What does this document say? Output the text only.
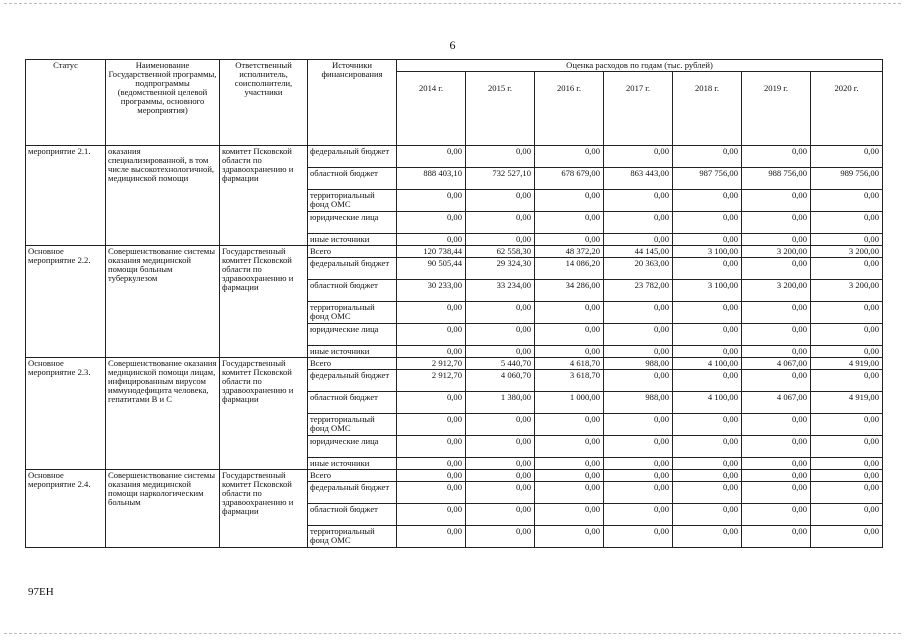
6
Статус	Наименование Государственной программы, подпрограммы (ведомственной целевой программы, основного мероприятия)	Ответственный исполнитель, соисполнители, участники	Источники финансирования	Оценка расходов по годам (тыс. рублей)						
				2014 г.	2015 г.	2016 г.	2017 г.	2018 г.	2019 г.	2020 г.
мероприятие 2.1.	оказания специализированной, в том числе высокотехнологичной, медицинской помощи	комитет Псковской области по здравоохранению и фармации	федеральный бюджет	0,00	0,00	0,00	0,00	0,00	0,00	0,00
			областной бюджет	888 403,10	732 527,10	678 679,00	863 443,00	987 756,00	988 756,00	989 756,00
			территориальный фонд ОМС	0,00	0,00	0,00	0,00	0,00	0,00	0,00
			юридические лица	0,00	0,00	0,00	0,00	0,00	0,00	0,00
			иные источники	0,00	0,00	0,00	0,00	0,00	0,00	0,00
Основное мероприятие 2.2.	Совершенствование системы оказания медицинской помощи больным туберкулезом	Государственный комитет Псковской области по здравоохранению и фармации	Всего	120 738,44	62 558,30	48 372,20	44 145,00	3 100,00	3 200,00	3 200,00
			федеральный бюджет	90 505,44	29 324,30	14 086,20	20 363,00	0,00	0,00	0,00
			областной бюджет	30 233,00	33 234,00	34 286,00	23 782,00	3 100,00	3 200,00	3 200,00
			территориальный фонд ОМС	0,00	0,00	0,00	0,00	0,00	0,00	0,00
			юридические лица	0,00	0,00	0,00	0,00	0,00	0,00	0,00
			иные источники	0,00	0,00	0,00	0,00	0,00	0,00	0,00
Основное мероприятие 2.3.	Совершенствование оказания медицинской помощи лицам, инфицированным вирусом иммунодефицита человека, гепатитами В и С	Государственный комитет Псковской области по здравоохранению и фармации	Всего	2 912,70	5 440,70	4 618,70	988,00	4 100,00	4 067,00	4 919,00
			федеральный бюджет	2 912,70	4 060,70	3 618,70	0,00	0,00	0,00	0,00
			областной бюджет	0,00	1 380,00	1 000,00	988,00	4 100,00	4 067,00	4 919,00
			территориальный фонд ОМС	0,00	0,00	0,00	0,00	0,00	0,00	0,00
			юридические лица	0,00	0,00	0,00	0,00	0,00	0,00	0,00
			иные источники	0,00	0,00	0,00	0,00	0,00	0,00	0,00
Основное мероприятие 2.4.	Совершенствование системы оказания медицинской помощи наркологическим больным	Государственный комитет Псковской области по здравоохранению и фармации	Всего	0,00	0,00	0,00	0,00	0,00	0,00	0,00
			федеральный бюджет	0,00	0,00	0,00	0,00	0,00	0,00	0,00
			областной бюджет	0,00	0,00	0,00	0,00	0,00	0,00	0,00
			территориальный фонд ОМС	0,00	0,00	0,00	0,00	0,00	0,00	0,00
97ЕН
